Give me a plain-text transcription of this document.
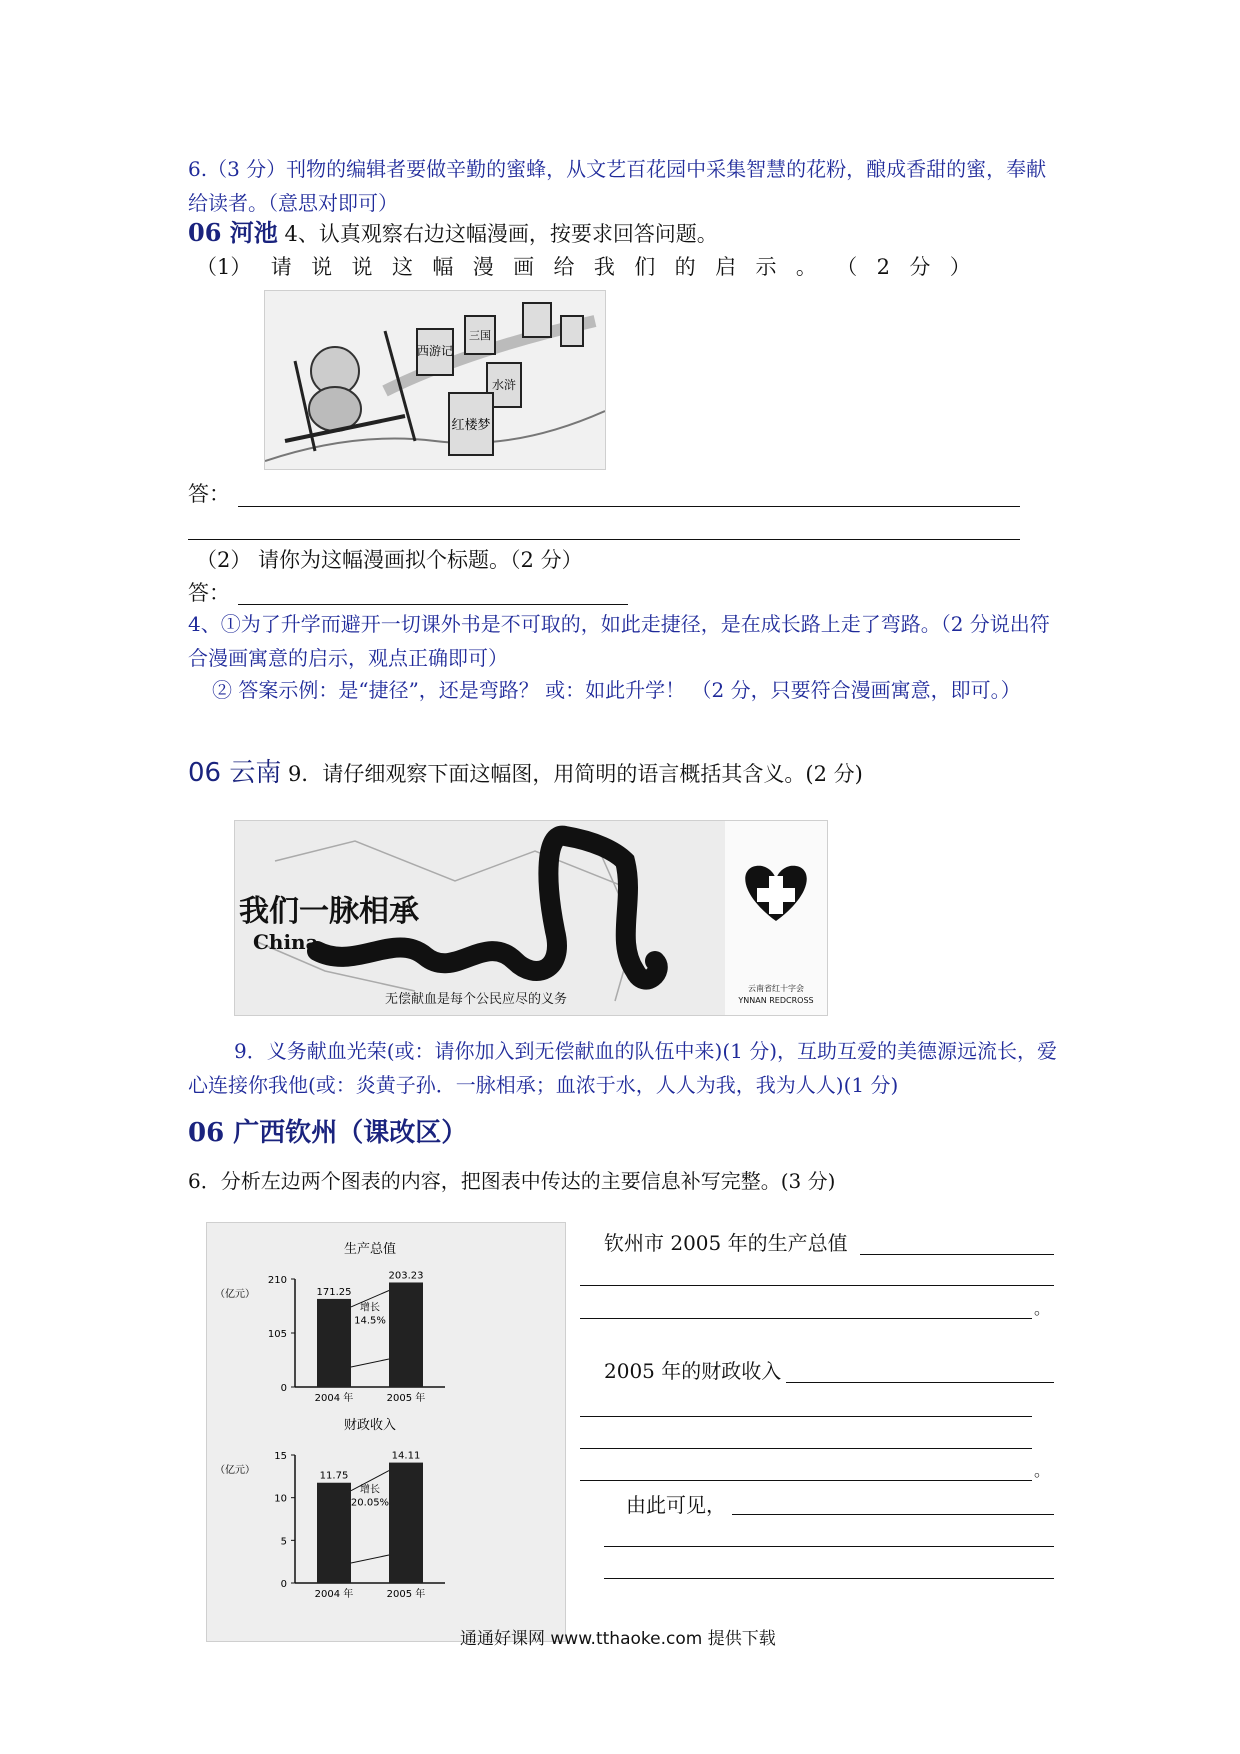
6.（3 分）刊物的编辑者要做辛勤的蜜蜂，从文艺百花园中采集智慧的花粉，酿成香甜的蜜，奉献给读者。（意思对即可）
06 河池 4、认真观察右边这幅漫画，按要求回答问题。
（1） 请 说 说 这 幅 漫 画 给 我 们 的 启 示 。 （ 2 分 ）
西游记
三国
水浒
红楼梦
答：
（2） 请你为这幅漫画拟个标题。（2 分）
答：
4、①为了升学而避开一切课外书是不可取的，如此走捷径，是在成长路上走了弯路。（2 分说出符合漫画寓意的启示，观点正确即可）
② 答案示例：是“捷径”，还是弯路？ 或：如此升学！ （2 分，只要符合漫画寓意，即可。）
06 云南 9．请仔细观察下面这幅图，用简明的语言概括其含义。(2 分)
我们一脉相承
China
无偿献血是每个公民应尽的义务
云南省红十字会
YNNAN REDCROSS
9．义务献血光荣(或：请你加入到无偿献血的队伍中来)(1 分)，互助互爱的美德源远流长，爱心连接你我他(或：炎黄子孙．一脉相承；血浓于水，人人为我，我为人人)(1 分)
06 广西钦州（课改区）
6．分析左边两个图表的内容，把图表中传达的主要信息补写完整。(3 分)
生产总值
（亿元）
0
105
210
171.25
2004 年
203.23
2005 年
增长
14.5%
财政收入
（亿元）
0
5
10
15
11.75
2004 年
14.11
2005 年
增长
20.05%
钦州市 2005 年的生产总值
。
2005 年的财政收入
。
由此可见，
通通好课网 www.tthaoke.com 提供下载
